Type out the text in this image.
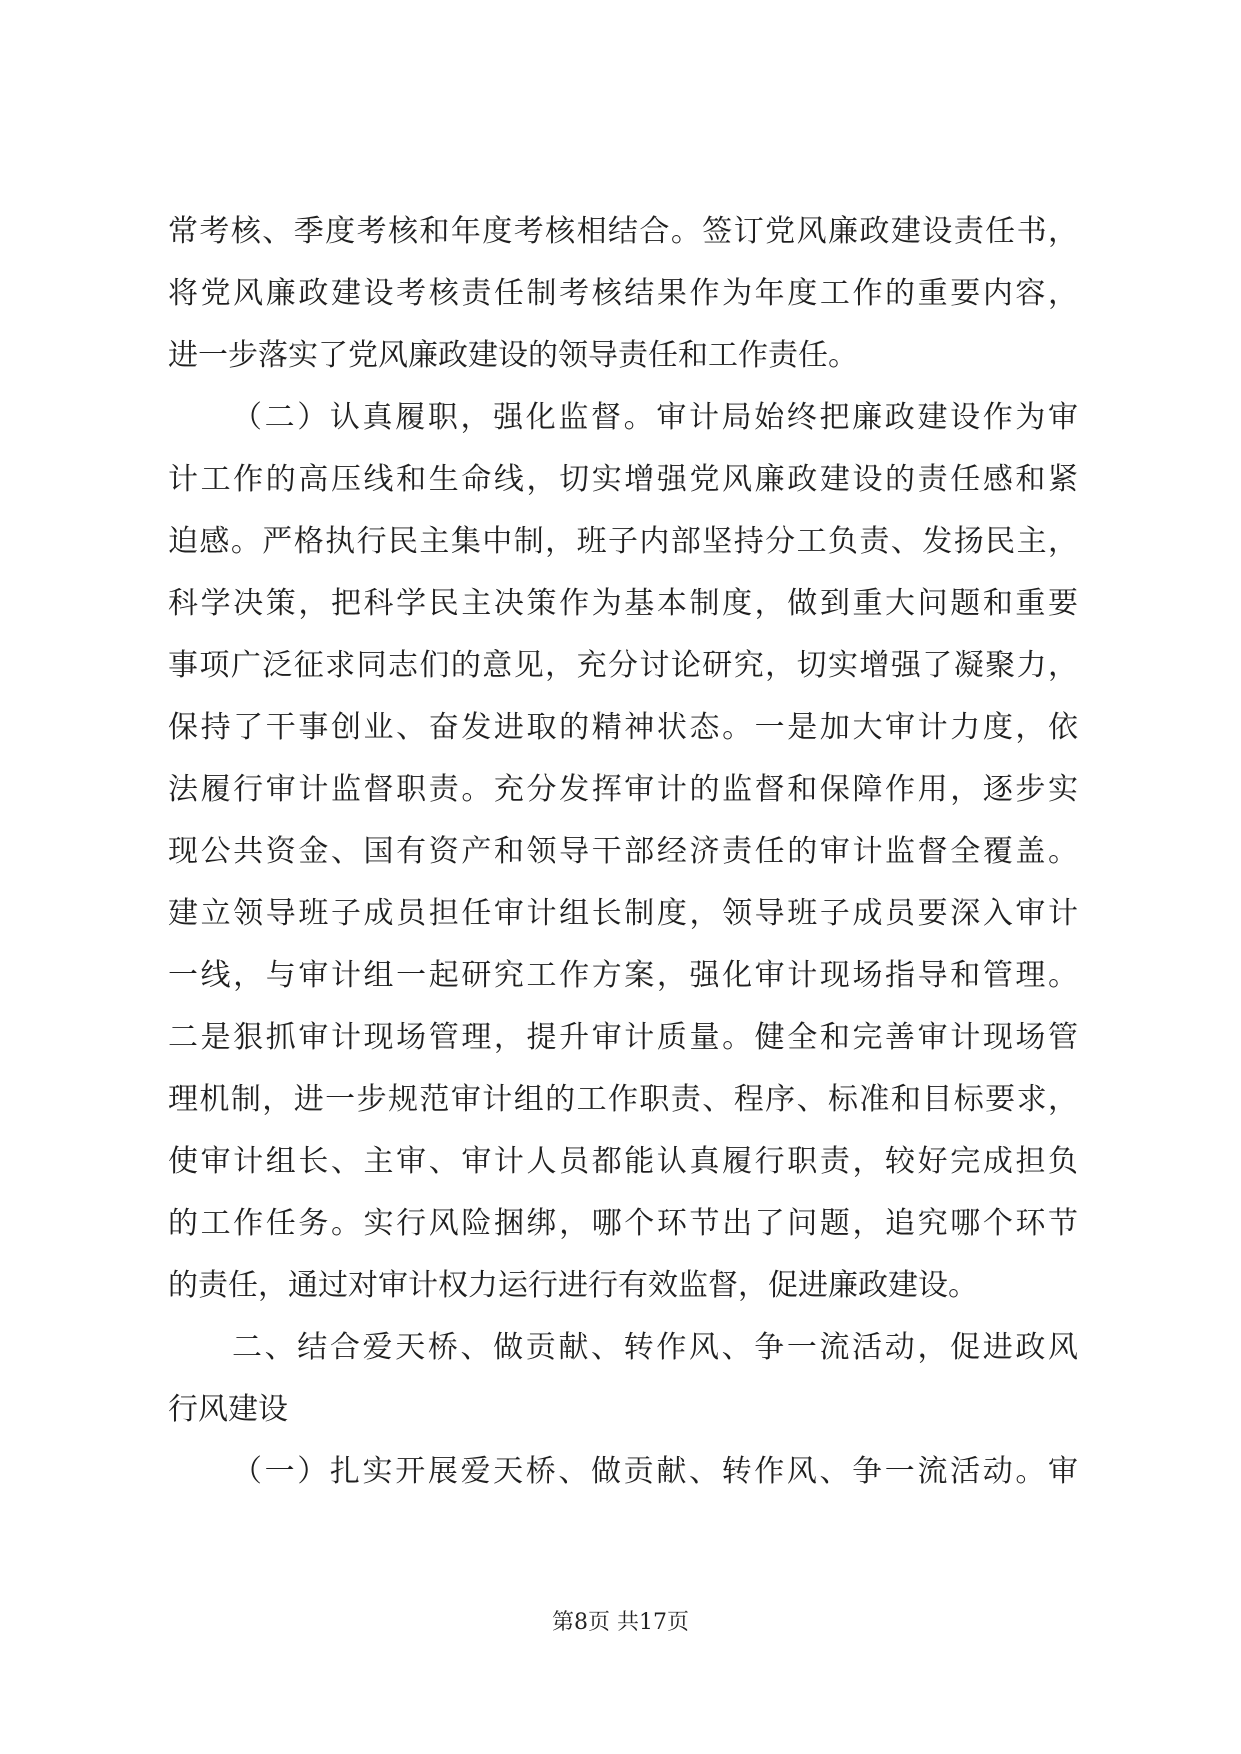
常考核、季度考核和年度考核相结合。签订党风廉政建设责任书，
将党风廉政建设考核责任制考核结果作为年度工作的重要内容，
进一步落实了党风廉政建设的领导责任和工作责任。
（二）认真履职，强化监督。审计局始终把廉政建设作为审
计工作的高压线和生命线，切实增强党风廉政建设的责任感和紧
迫感。严格执行民主集中制，班子内部坚持分工负责、发扬民主，
科学决策，把科学民主决策作为基本制度，做到重大问题和重要
事项广泛征求同志们的意见，充分讨论研究，切实增强了凝聚力，
保持了干事创业、奋发进取的精神状态。一是加大审计力度，依
法履行审计监督职责。充分发挥审计的监督和保障作用，逐步实
现公共资金、国有资产和领导干部经济责任的审计监督全覆盖。
建立领导班子成员担任审计组长制度，领导班子成员要深入审计
一线，与审计组一起研究工作方案，强化审计现场指导和管理。
二是狠抓审计现场管理，提升审计质量。健全和完善审计现场管
理机制，进一步规范审计组的工作职责、程序、标准和目标要求，
使审计组长、主审、审计人员都能认真履行职责，较好完成担负
的工作任务。实行风险捆绑，哪个环节出了问题，追究哪个环节
的责任，通过对审计权力运行进行有效监督，促进廉政建设。
二、结合爱天桥、做贡献、转作风、争一流活动，促进政风
行风建设
（一）扎实开展爱天桥、做贡献、转作风、争一流活动。审
第8页 共17页
